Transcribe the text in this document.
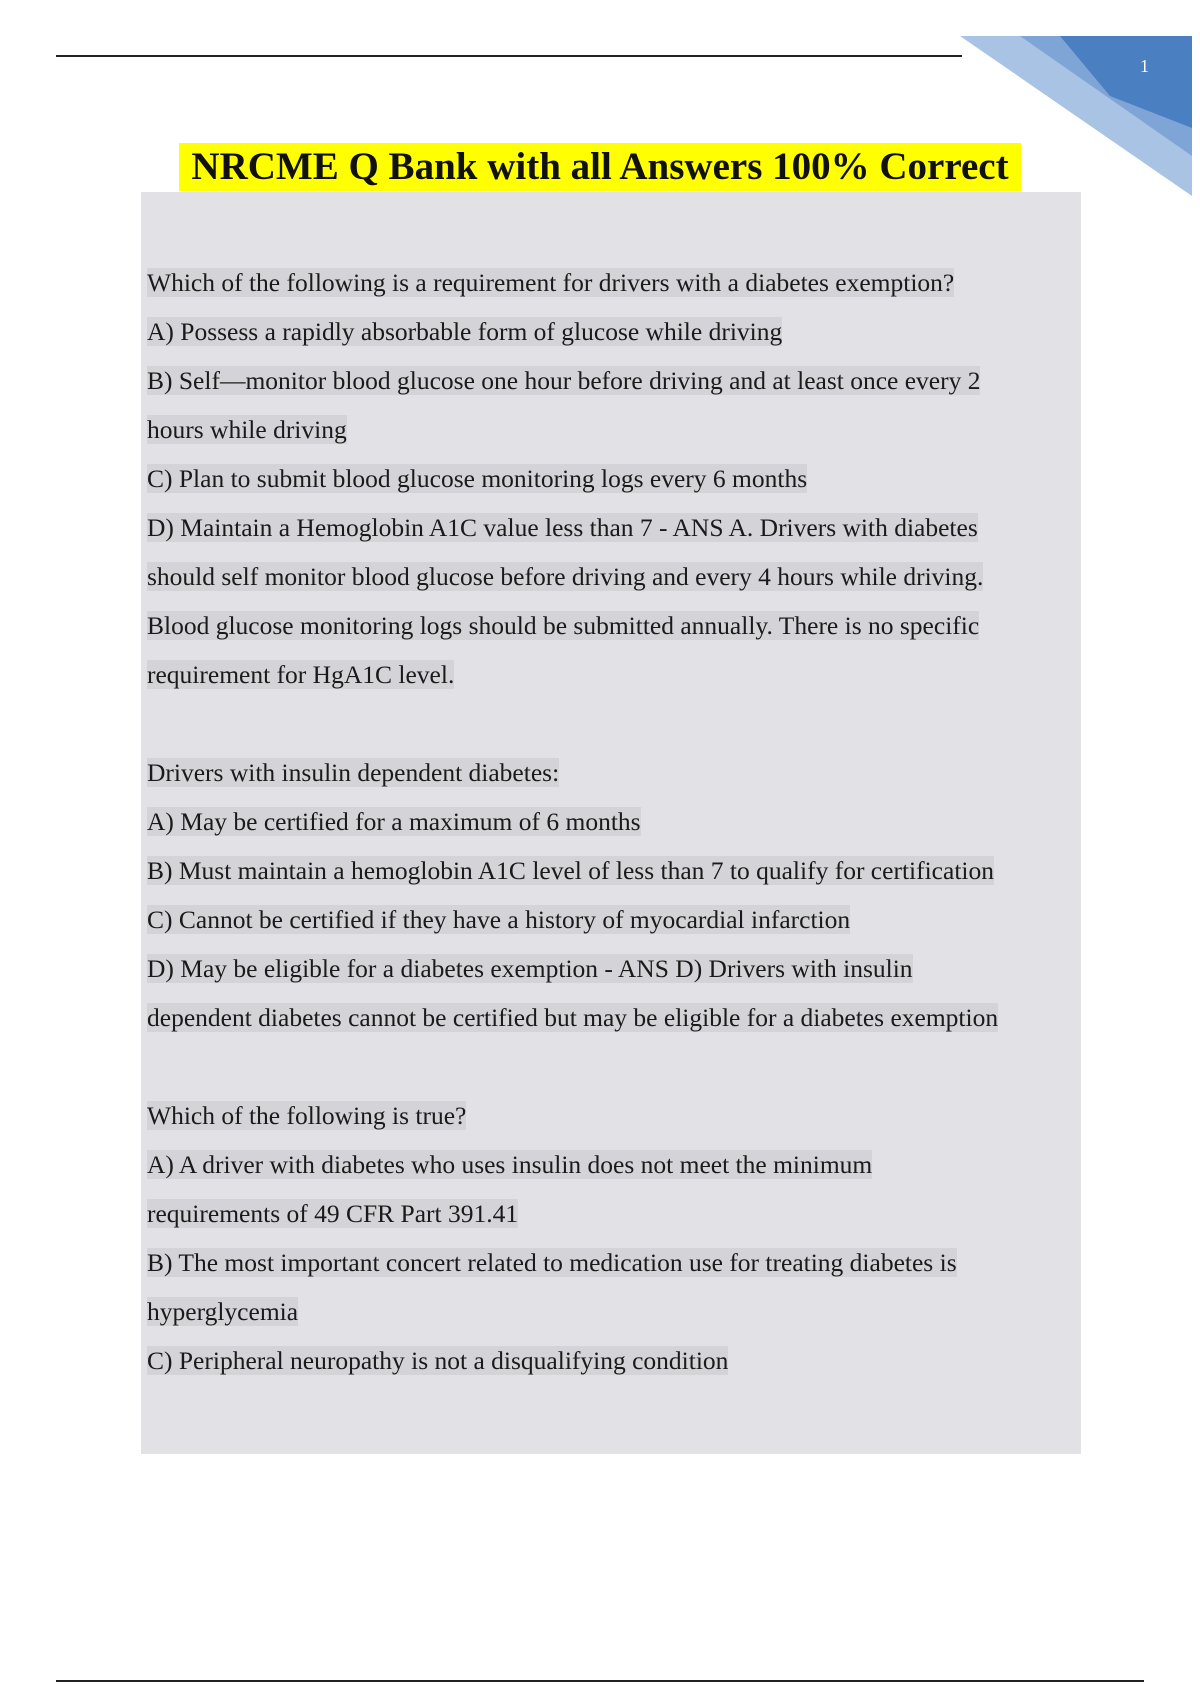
1
NRCME Q Bank with all Answers 100% Correct
Which of the following is a requirement for drivers with a diabetes exemption?
A) Possess a rapidly absorbable form of glucose while driving
B) Self—monitor blood glucose one hour before driving and at least once every 2
hours while driving
C) Plan to submit blood glucose monitoring logs every 6 months
D) Maintain a Hemoglobin A1C value less than 7 - ANS A. Drivers with diabetes
should self monitor blood glucose before driving and every 4 hours while driving.
Blood glucose monitoring logs should be submitted annually. There is no specific
requirement for HgA1C level.
Drivers with insulin dependent diabetes:
A) May be certified for a maximum of 6 months
B) Must maintain a hemoglobin A1C level of less than 7 to qualify for certification
C) Cannot be certified if they have a history of myocardial infarction
D) May be eligible for a diabetes exemption - ANS D) Drivers with insulin
dependent diabetes cannot be certified but may be eligible for a diabetes exemption
Which of the following is true?
A) A driver with diabetes who uses insulin does not meet the minimum
requirements of 49 CFR Part 391.41
B) The most important concert related to medication use for treating diabetes is
hyperglycemia
C) Peripheral neuropathy is not a disqualifying condition
